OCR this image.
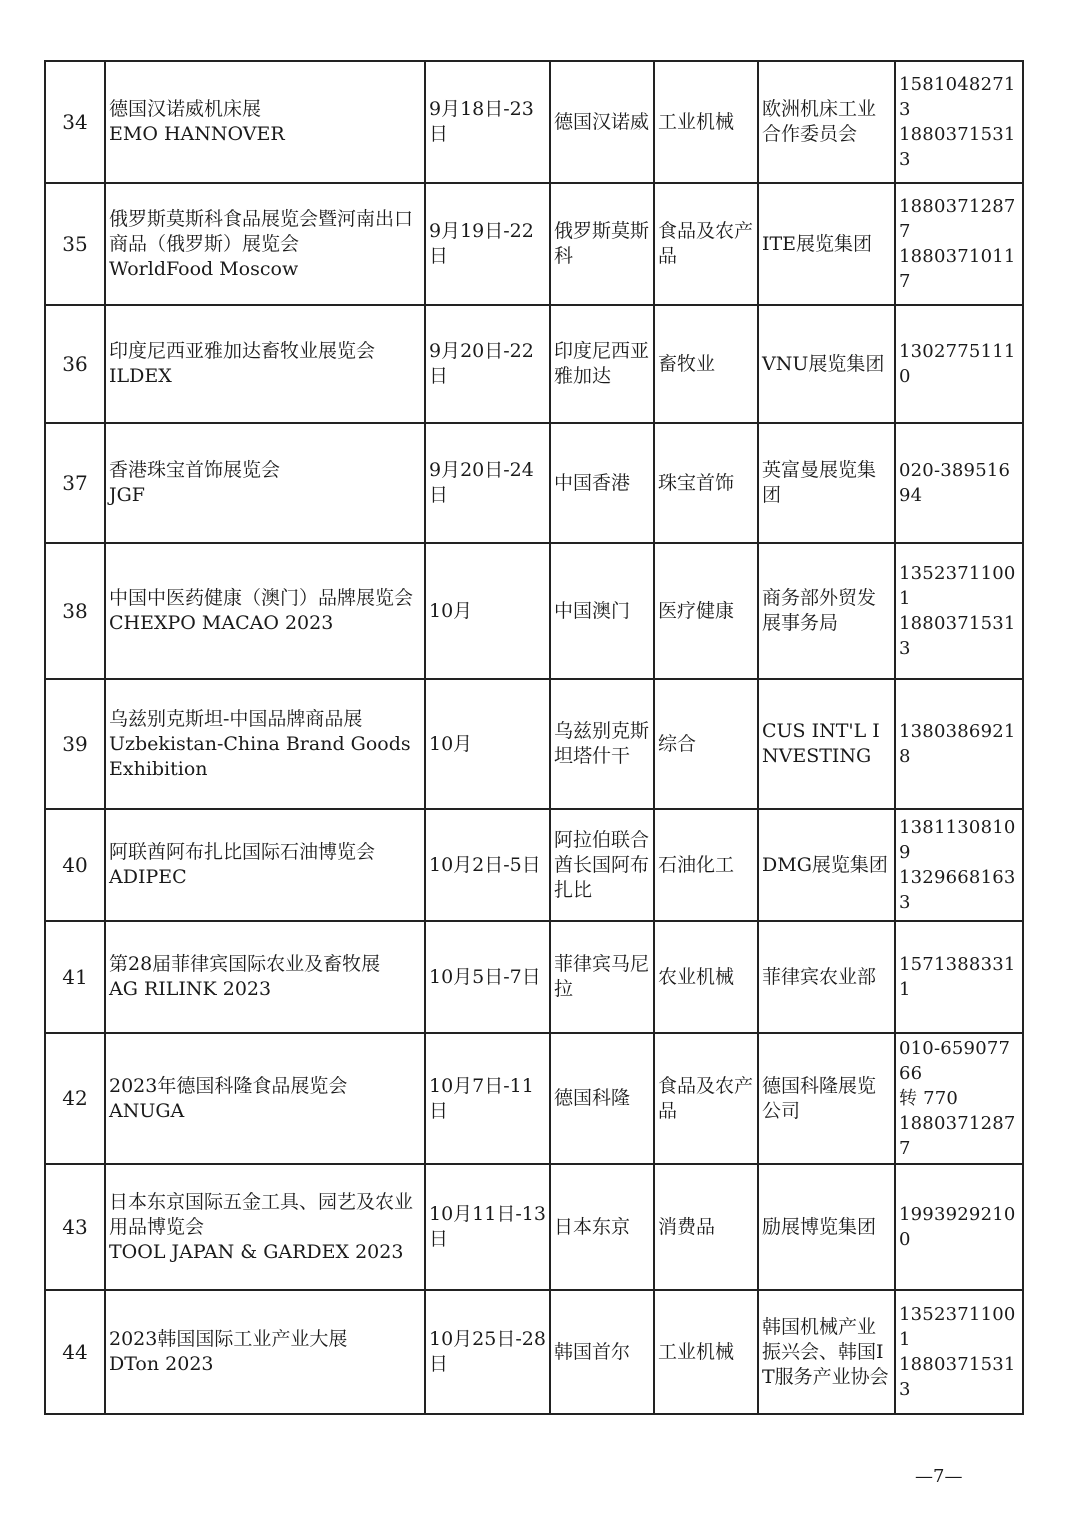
34	德国汉诺威机床展
EMO HANNOVER	9月18日-23日	德国汉诺威	工业机械	欧洲机床工业合作委员会	15810482713
18803715313

35	俄罗斯莫斯科食品展览会暨河南出口商品（俄罗斯）展览会
WorldFood Moscow	9月19日-22日	俄罗斯莫斯科	食品及农产品	ITE展览集团	18803712877
18803710117

36	印度尼西亚雅加达畜牧业展览会
ILDEX	9月20日-22日	印度尼西亚雅加达	畜牧业	VNU展览集团	13027751110

37	香港珠宝首饰展览会
JGF	9月20日-24日	中国香港	珠宝首饰	英富曼展览集团	020-38951694

38	中国中医药健康（澳门）品牌展览会
CHEXPO MACAO 2023	10月	中国澳门	医疗健康	商务部外贸发展事务局	13523711001
18803715313

39	乌兹别克斯坦-中国品牌商品展
Uzbekistan-China Brand Goods Exhibition	10月	乌兹别克斯坦塔什干	综合	CUS INT'L INVESTING	13803869218

40	阿联酋阿布扎比国际石油博览会
ADIPEC	10月2日-5日	阿拉伯联合酋长国阿布扎比	石油化工	DMG展览集团	13811308109
13296681633

41	第28届菲律宾国际农业及畜牧展
AG RILINK 2023	10月5日-7日	菲律宾马尼拉	农业机械	菲律宾农业部	15713883311

42	2023年德国科隆食品展览会
ANUGA	10月7日-11日	德国科隆	食品及农产品	德国科隆展览公司	010-65907766
转 770
18803712877

43	日本东京国际五金工具、园艺及农业用品博览会
TOOL JAPAN & GARDEX 2023	10月11日-13日	日本东京	消费品	励展博览集团	19939292100

44	2023韩国国际工业产业大展
DTon 2023	10月25日-28日	韩国首尔	工业机械	韩国机械产业振兴会、韩国IT服务产业协会	13523711001
18803715313
—7—
